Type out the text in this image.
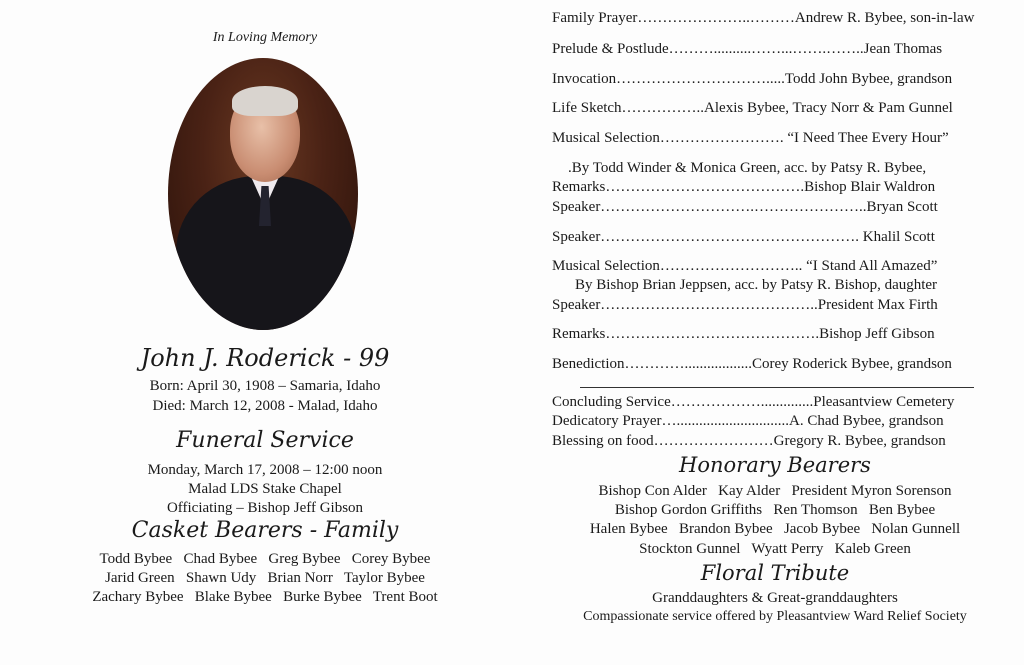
In Loving Memory
John J. Roderick - 99
Born: April 30, 1908 – Samaria, Idaho
Died: March 12, 2008 - Malad, Idaho
Funeral Service
Monday, March 17, 2008 – 12:00 noon
Malad LDS Stake Chapel
Officiating – Bishop Jeff Gibson
Casket Bearers - Family
Todd Bybee   Chad Bybee   Greg Bybee   Corey Bybee
Jarid Green   Shawn Udy   Brian Norr   Taylor Bybee
Zachary Bybee   Blake Bybee   Burke Bybee   Trent Boot
Family Prayer…………………..………Andrew R. Bybee, son-in-law
Prelude & Postlude………..........……...…….……..Jean Thomas
Invocation………………………….....Todd John Bybee, grandson
Life Sketch……………..Alexis Bybee, Tracy Norr & Pam Gunnel
Musical Selection……………………. “I Need Thee Every Hour”
.By Todd Winder & Monica Green, acc. by Patsy R. Bybee,
Remarks………………………………….Bishop Blair Waldron
Speaker………………………….…………………..Bryan Scott
Speaker……………………………………………. Khalil Scott
Musical Selection……………………….. “I Stand All Amazed”
By Bishop Brian Jeppsen, acc. by Patsy R. Bishop, daughter
Speaker……………………………………..President Max Firth
Remarks…………………………………….Bishop Jeff Gibson
Benediction…………..................Corey Roderick Bybee, grandson
Concluding Service………………..............Pleasantview Cemetery
Dedicatory Prayer…..............................A. Chad Bybee, grandson
Blessing on food……………………Gregory R. Bybee, grandson
Honorary Bearers
Bishop Con Alder   Kay Alder   President Myron Sorenson
Bishop Gordon Griffiths   Ren Thomson   Ben Bybee
Halen Bybee   Brandon Bybee   Jacob Bybee   Nolan Gunnell
Stockton Gunnel   Wyatt Perry   Kaleb Green
Floral Tribute
Granddaughters & Great-granddaughters
Compassionate service offered by Pleasantview Ward Relief Society
